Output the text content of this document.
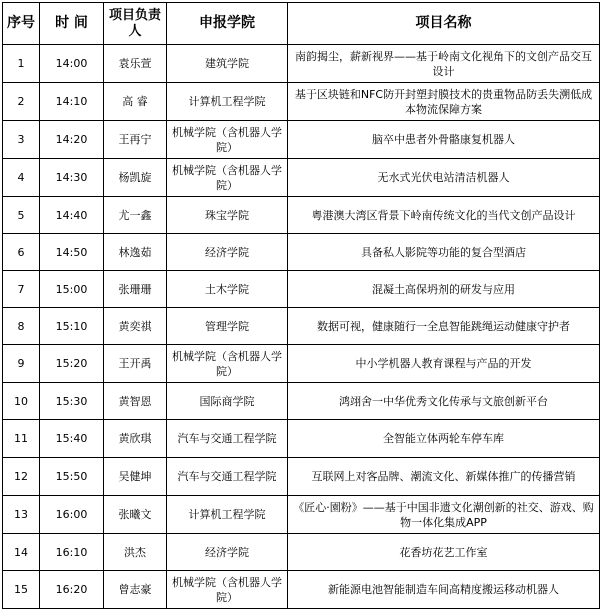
序号	时 间	项目负责人	申报学院	项目名称
1	14:00	袁乐萱	建筑学院	南韵揭尘，薪新视界——基于岭南文化视角下的文创产品交互设计
2	14:10	高 睿	计算机工程学院	基于区块链和NFC防开封塑封膜技术的贵重物品防丢失溯低成本物流保障方案
3	14:20	王再宁	机械学院（含机器人学院）	脑卒中患者外骨骼康复机器人
4	14:30	杨凯旋	机械学院（含机器人学院）	无水式光伏电站清洁机器人
5	14:40	尤一鑫	珠宝学院	粤港澳大湾区背景下岭南传统文化的当代文创产品设计
6	14:50	林逸茹	经济学院	具备私人影院等功能的复合型酒店
7	15:00	张珊珊	土木学院	混凝土高保坍剂的研发与应用
8	15:10	黄奕祺	管理学院	数据可视，健康随行一全息智能跳绳运动健康守护者
9	15:20	王开禹	机械学院（含机器人学院）	中小学机器人教育课程与产品的开发
10	15:30	黄智恩	国际商学院	鸿翊舍一中华优秀文化传承与文旅创新平台
11	15:40	黄欣琪	汽车与交通工程学院	全智能立体两轮车停车库
12	15:50	吴健坤	汽车与交通工程学院	互联网上对客品牌、潮流文化、新媒体推广的传播营销
13	16:00	张曦文	计算机工程学院	《匠心·園粉》——基于中国非遗文化潮创新的社交、游戏、购物一体化集成APP
14	16:10	洪杰	经济学院	花香坊花艺工作室
15	16:20	曾志豪	机械学院（含机器人学院）	新能源电池智能制造车间高精度搬运移动机器人
